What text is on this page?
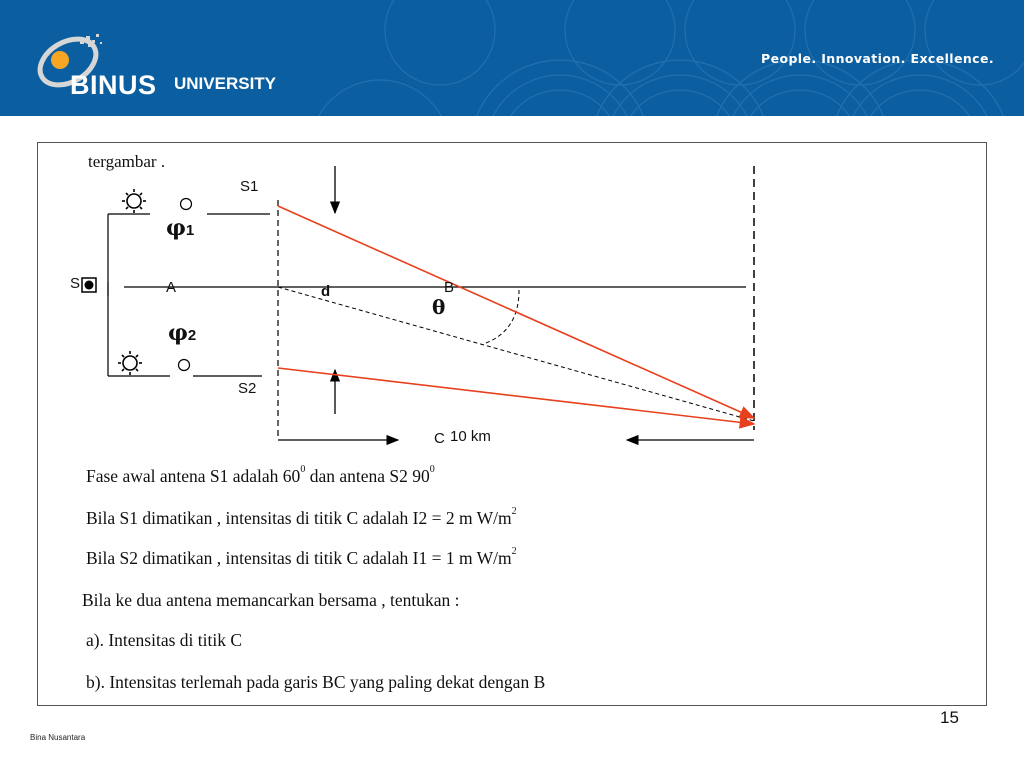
BINUS UNIVERSITY
People. Innovation. Excellence.
tergambar .
S1
S2
S
φ1
φ2
A	B
d
θ
C 10 km
Fase awal antena S1 adalah $60^0$ dan antena S2 $90^0$
Bila S1 dimatikan , intensitas di titik C adalah I2 = 2 m $W/m^2$
Bila S2 dimatikan , intensitas di titik C adalah I1 = 1 m $W/m^2$
Bila ke dua antena memancarkan bersama , tentukan :
a). Intensitas di titik C
b). Intensitas terlemah pada garis BC yang paling dekat dengan B
15
Bina Nusantara
